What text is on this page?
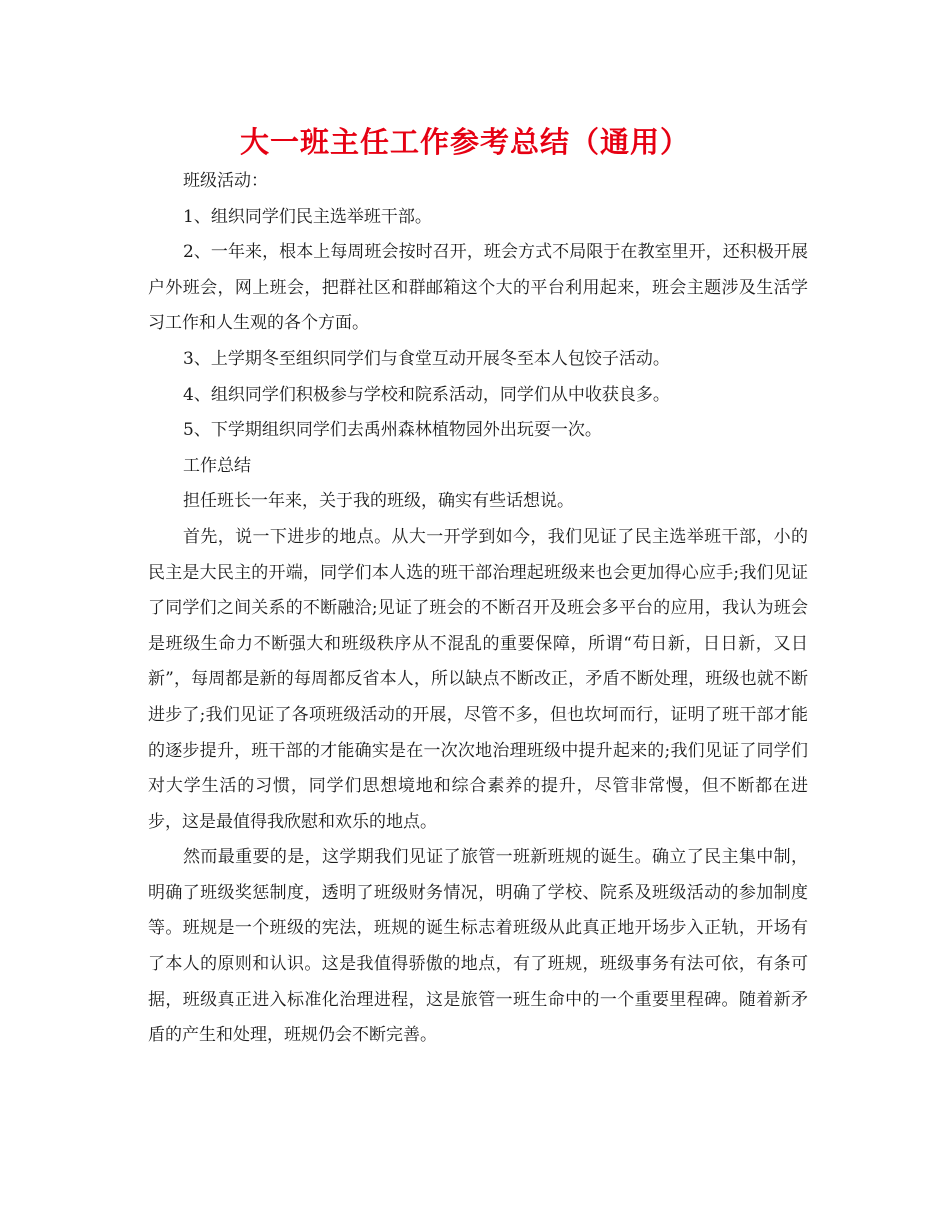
大一班主任工作参考总结（通用）

班级活动：

1、组织同学们民主选举班干部。

2、一年来，根本上每周班会按时召开，班会方式不局限于在教室里开，还积极开展户外班会，网上班会，把群社区和群邮箱这个大的平台利用起来，班会主题涉及生活学习工作和人生观的各个方面。

3、上学期冬至组织同学们与食堂互动开展冬至本人包饺子活动。

4、组织同学们积极参与学校和院系活动，同学们从中收获良多。

5、下学期组织同学们去禹州森林植物园外出玩耍一次。

工作总结

担任班长一年来，关于我的班级，确实有些话想说。

首先，说一下进步的地点。从大一开学到如今，我们见证了民主选举班干部，小的民主是大民主的开端，同学们本人选的班干部治理起班级来也会更加得心应手;我们见证了同学们之间关系的不断融洽;见证了班会的不断召开及班会多平台的应用，我认为班会是班级生命力不断强大和班级秩序从不混乱的重要保障，所谓“苟日新，日日新，又日新”，每周都是新的每周都反省本人，所以缺点不断改正，矛盾不断处理，班级也就不断进步了;我们见证了各项班级活动的开展，尽管不多，但也坎坷而行，证明了班干部才能的逐步提升，班干部的才能确实是在一次次地治理班级中提升起来的;我们见证了同学们对大学生活的习惯，同学们思想境地和综合素养的提升，尽管非常慢，但不断都在进步，这是最值得我欣慰和欢乐的地点。

然而最重要的是，这学期我们见证了旅管一班新班规的诞生。确立了民主集中制，明确了班级奖惩制度，透明了班级财务情况，明确了学校、院系及班级活动的参加制度等。班规是一个班级的宪法，班规的诞生标志着班级从此真正地开场步入正轨，开场有了本人的原则和认识。这是我值得骄傲的地点，有了班规，班级事务有法可依，有条可据，班级真正进入标准化治理进程，这是旅管一班生命中的一个重要里程碑。随着新矛盾的产生和处理，班规仍会不断完善。
